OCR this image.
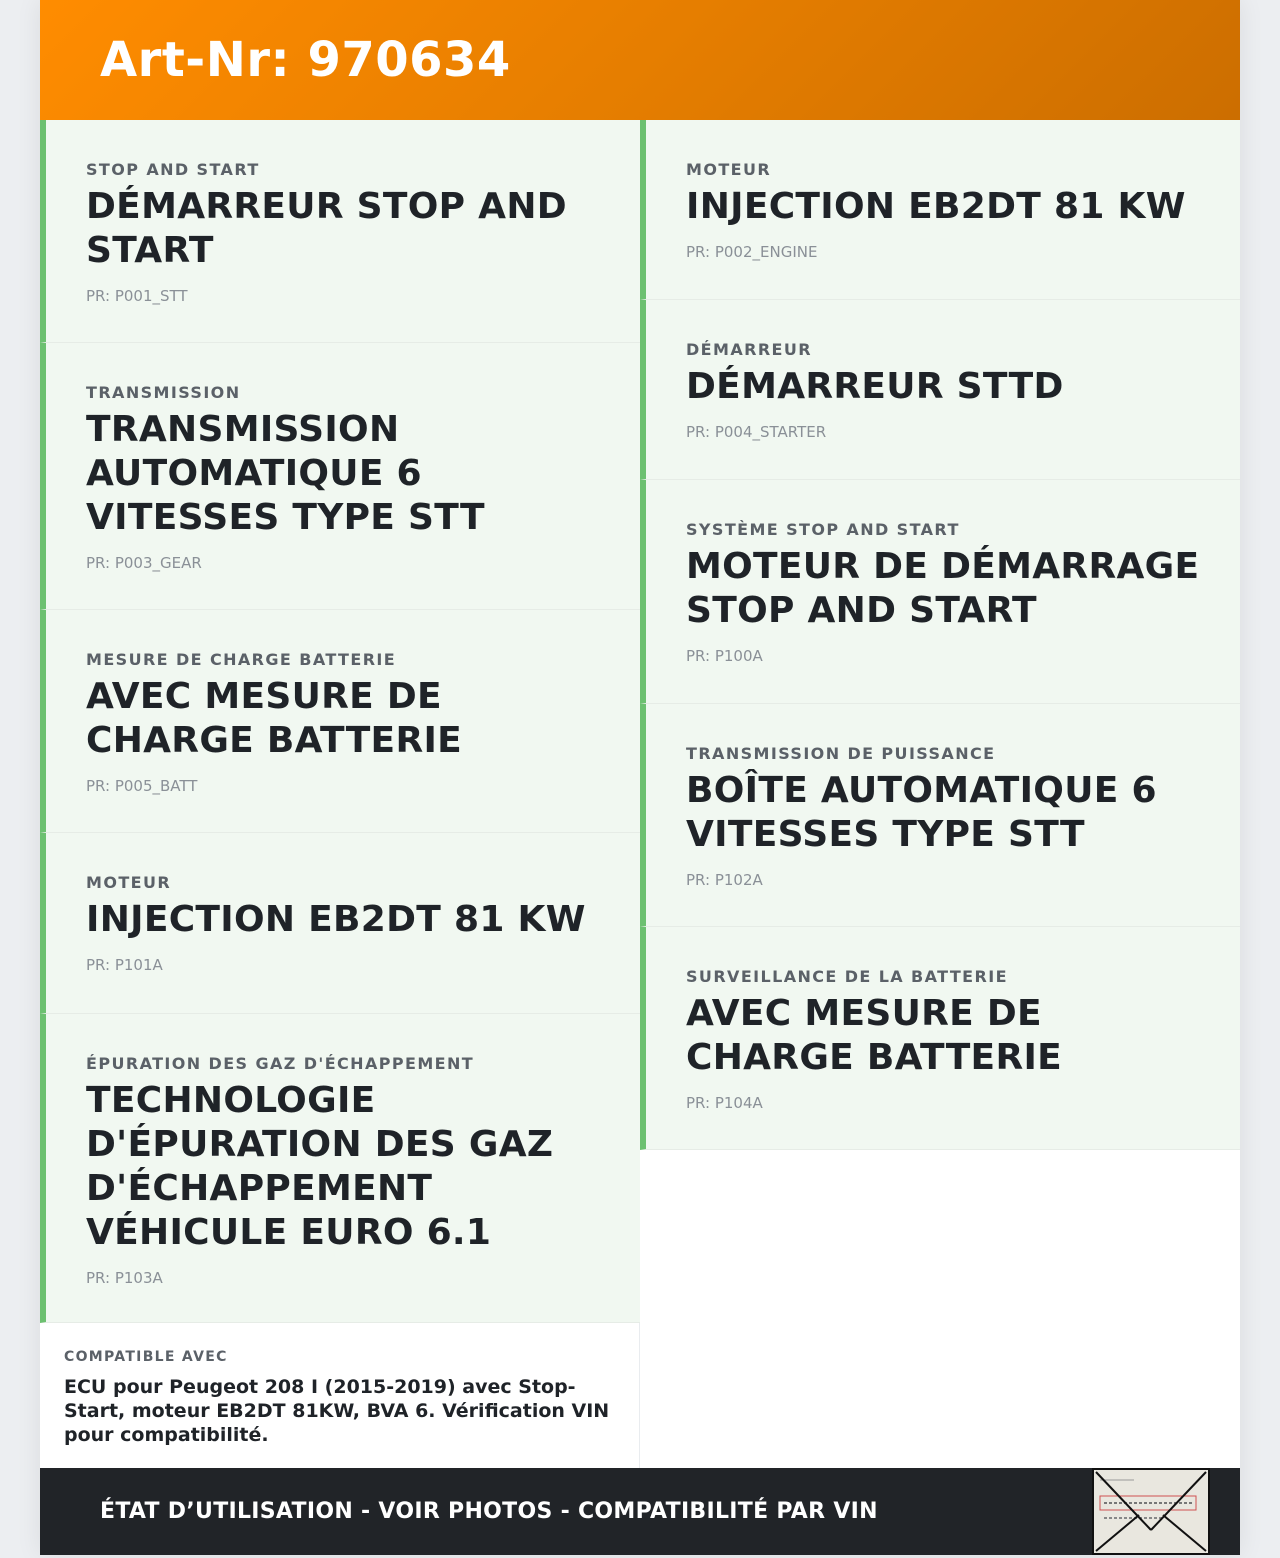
Art-Nr: 970634
STOP AND START
DÉMARREUR STOP AND START
PR: P001_STT
TRANSMISSION
TRANSMISSION AUTOMATIQUE 6 VITESSES TYPE STT
PR: P003_GEAR
MESURE DE CHARGE BATTERIE
AVEC MESURE DE CHARGE BATTERIE
PR: P005_BATT
MOTEUR
INJECTION EB2DT 81 KW
PR: P101A
ÉPURATION DES GAZ D'ÉCHAPPEMENT
TECHNOLOGIE D'ÉPURATION DES GAZ D'ÉCHAPPEMENT VÉHICULE EURO 6.1
PR: P103A
COMPATIBLE AVEC
ECU pour Peugeot 208 I (2015-2019) avec Stop-Start, moteur EB2DT 81KW, BVA 6. Vérification VIN pour compatibilité.
MOTEUR
INJECTION EB2DT 81 KW
PR: P002_ENGINE
DÉMARREUR
DÉMARREUR STTD
PR: P004_STARTER
SYSTÈME STOP AND START
MOTEUR DE DÉMARRAGE STOP AND START
PR: P100A
TRANSMISSION DE PUISSANCE
BOÎTE AUTOMATIQUE 6 VITESSES TYPE STT
PR: P102A
SURVEILLANCE DE LA BATTERIE
AVEC MESURE DE CHARGE BATTERIE
PR: P104A
ÉTAT D’UTILISATION - VOIR PHOTOS - COMPATIBILITÉ PAR VIN
